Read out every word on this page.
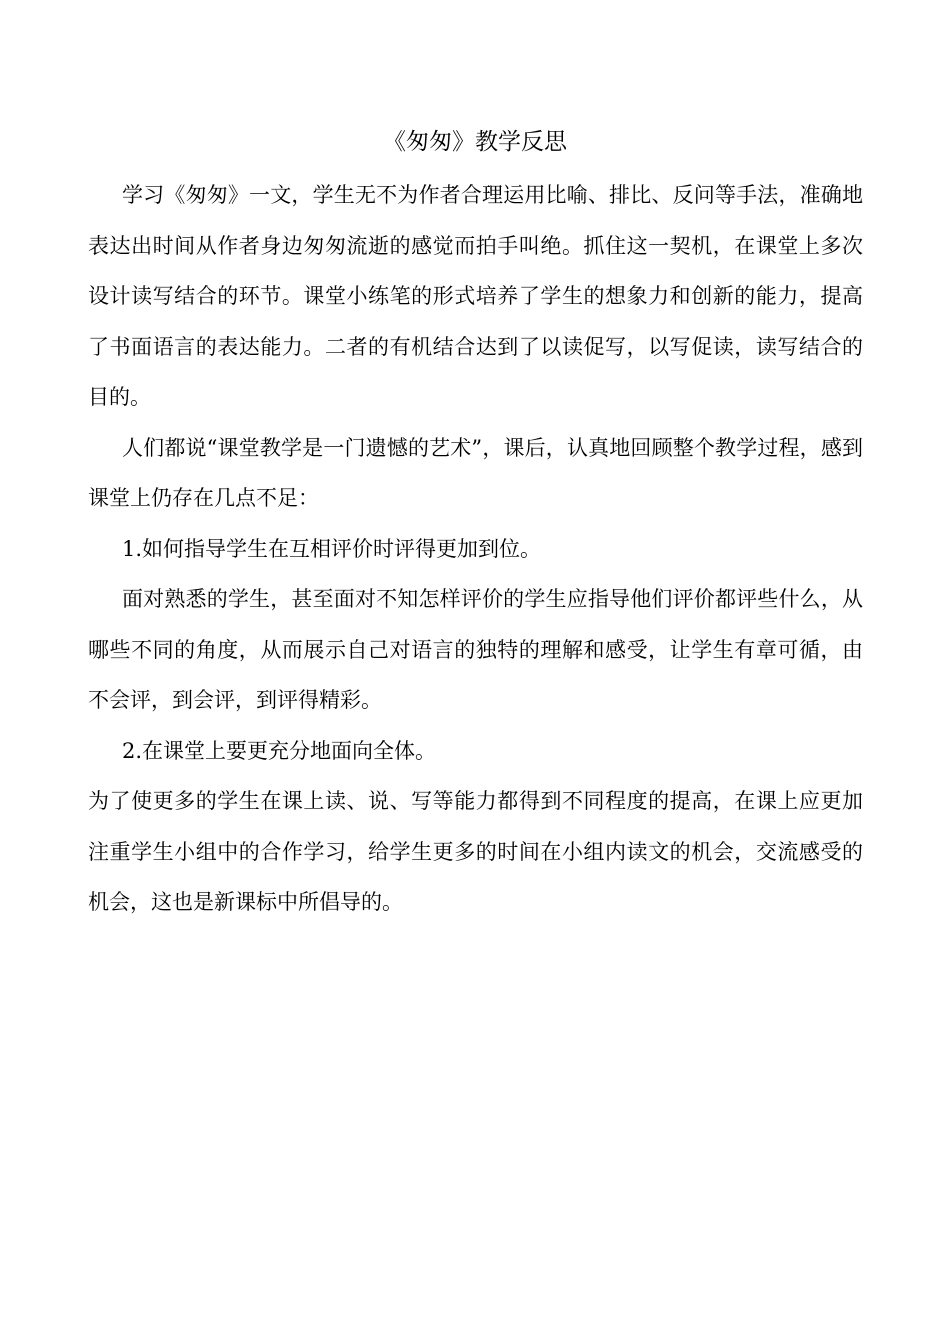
《匆匆》教学反思

学习《匆匆》一文，学生无不为作者合理运用比喻、排比、反问等手法，准确地表达出时间从作者身边匆匆流逝的感觉而拍手叫绝。抓住这一契机，在课堂上多次设计读写结合的环节。课堂小练笔的形式培养了学生的想象力和创新的能力，提高了书面语言的表达能力。二者的有机结合达到了以读促写，以写促读，读写结合的目的。

人们都说“课堂教学是一门遗憾的艺术”，课后，认真地回顾整个教学过程，感到课堂上仍存在几点不足：

1.如何指导学生在互相评价时评得更加到位。

面对熟悉的学生，甚至面对不知怎样评价的学生应指导他们评价都评些什么，从哪些不同的角度，从而展示自己对语言的独特的理解和感受，让学生有章可循，由不会评，到会评，到评得精彩。

2.在课堂上要更充分地面向全体。

为了使更多的学生在课上读、说、写等能力都得到不同程度的提高，在课上应更加注重学生小组中的合作学习，给学生更多的时间在小组内读文的机会，交流感受的机会，这也是新课标中所倡导的。
